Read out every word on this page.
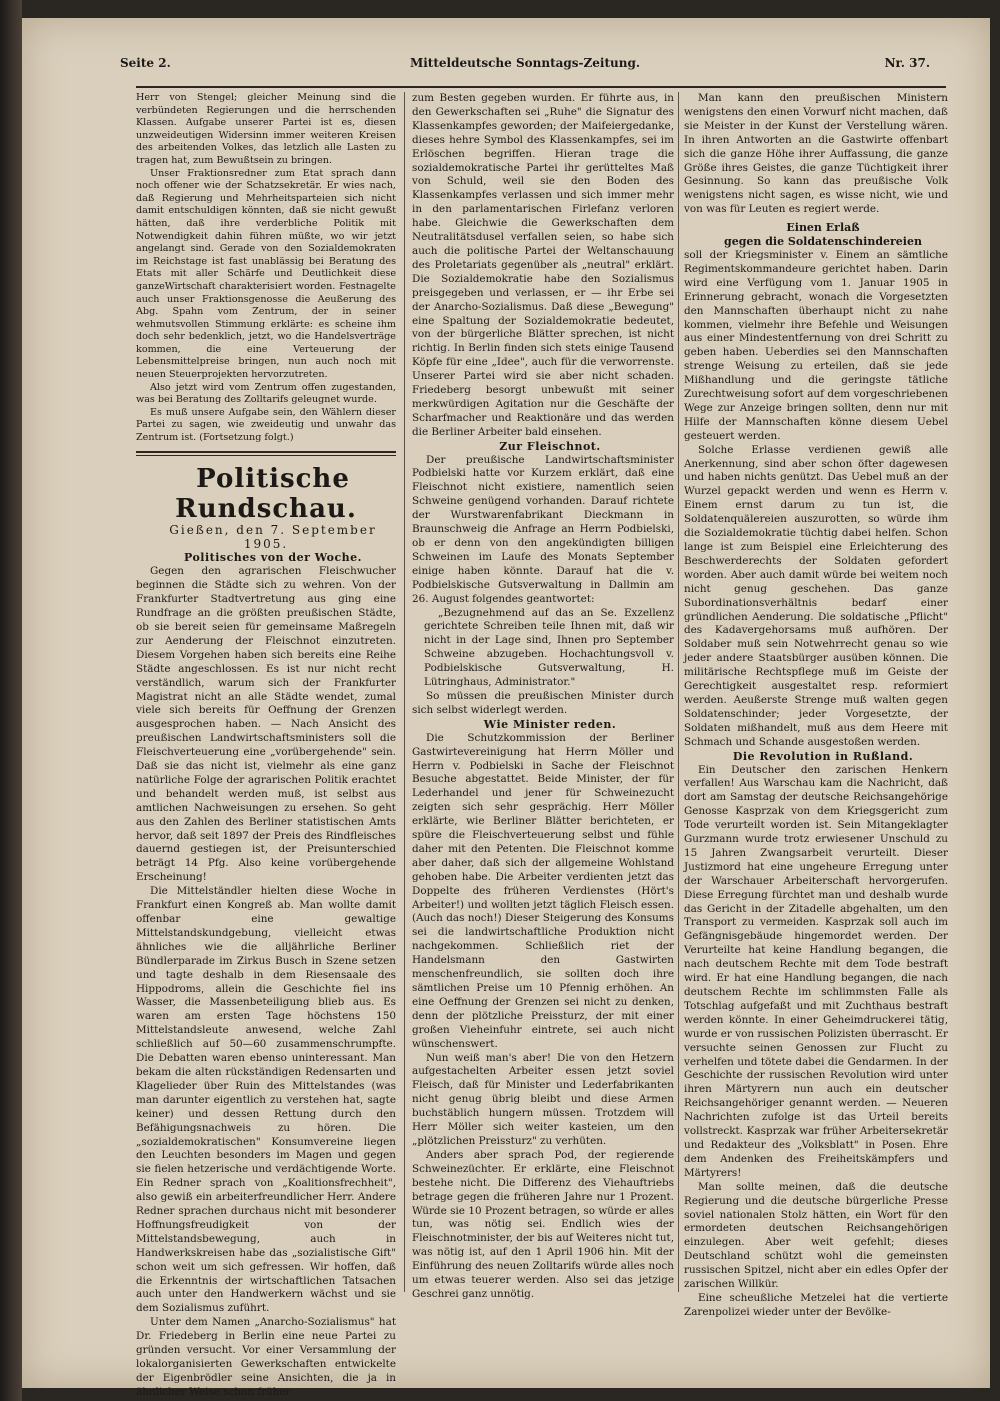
Seite 2.	Mitteldeutsche Sonntags-Zeitung.	Nr. 37.

Herr von Stengel; gleicher Meinung sind die verbündeten Regierungen und die herrschenden Klassen. Aufgabe unserer Partei ist es, diesen unzweideutigen Widersinn immer weiteren Kreisen des arbeitenden Volkes, das letzlich alle Lasten zu tragen hat, zum Bewußtsein zu bringen.

Unser Fraktionsredner zum Etat sprach dann noch offener wie der Schatzsekretär. Er wies nach, daß Regierung und Mehrheitsparteien sich nicht damit entschuldigen könnten, daß sie nicht gewußt hätten, daß ihre verderbliche Politik mit Notwendigkeit dahin führen müßte, wo wir jetzt angelangt sind. Gerade von den Sozialdemokraten im Reichstage ist fast unablässig bei Beratung des Etats mit aller Schärfe und Deutlichkeit diese ganzeWirtschaft charakterisiert worden. Festnagelte auch unser Fraktionsgenosse die Aeußerung des Abg. Spahn vom Zentrum, der in seiner wehmutsvollen Stimmung erklärte: es scheine ihm doch sehr bedenklich, jetzt, wo die Handelsverträge kommen, die eine Verteuerung der Lebensmittelpreise bringen, nun auch noch mit neuen Steuerprojekten hervorzutreten.

Also jetzt wird vom Zentrum offen zugestanden, was bei Beratung des Zolltarifs geleugnet wurde.

Es muß unsere Aufgabe sein, den Wählern dieser Partei zu sagen, wie zweideutig und unwahr das Zentrum ist. (Fortsetzung folgt.)

Politische Rundschau.

Gießen, den 7. September 1905.

Politisches von der Woche.

Gegen den agrarischen Fleischwucher beginnen die Städte sich zu wehren. Von der Frankfurter Stadtvertretung aus ging eine Rundfrage an die größten preußischen Städte, ob sie bereit seien für gemeinsame Maßregeln zur Aenderung der Fleischnot einzutreten. Diesem Vorgehen haben sich bereits eine Reihe Städte angeschlossen. Es ist nur nicht recht verständlich, warum sich der Frankfurter Magistrat nicht an alle Städte wendet, zumal viele sich bereits für Oeffnung der Grenzen ausgesprochen haben. — Nach Ansicht des preußischen Landwirtschaftsministers soll die Fleischverteuerung eine „vorübergehende" sein. Daß sie das nicht ist, vielmehr als eine ganz natürliche Folge der agrarischen Politik erachtet und behandelt werden muß, ist selbst aus amtlichen Nachweisungen zu ersehen. So geht aus den Zahlen des Berliner statistischen Amts hervor, daß seit 1897 der Preis des Rindfleisches dauernd gestiegen ist, der Preisunterschied beträgt 14 Pfg. Also keine vorübergehende Erscheinung!

Die Mittelständler hielten diese Woche in Frankfurt einen Kongreß ab. Man wollte damit offenbar eine gewaltige Mittelstandskundgebung, vielleicht etwas ähnliches wie die alljährliche Berliner Bündlerparade im Zirkus Busch in Szene setzen und tagte deshalb in dem Riesensaale des Hippodroms, allein die Geschichte fiel ins Wasser, die Massenbeteiligung blieb aus. Es waren am ersten Tage höchstens 150 Mittelstandsleute anwesend, welche Zahl schließlich auf 50—60 zusammenschrumpfte. Die Debatten waren ebenso uninteressant. Man bekam die alten rückständigen Redensarten und Klagelieder über Ruin des Mittelstandes (was man darunter eigentlich zu verstehen hat, sagte keiner) und dessen Rettung durch den Befähigungsnachweis zu hören. Die „sozialdemokratischen" Konsumvereine liegen den Leuchten besonders im Magen und gegen sie fielen hetzerische und verdächtigende Worte. Ein Redner sprach von „Koalitionsfrechheit", also gewiß ein arbeiterfreundlicher Herr. Andere Redner sprachen durchaus nicht mit besonderer Hoffnungsfreudigkeit von der Mittelstandsbewegung, auch in Handwerkskreisen habe das „sozialistische Gift" schon weit um sich gefressen. Wir hoffen, daß die Erkenntnis der wirtschaftlichen Tatsachen auch unter den Handwerkern wächst und sie dem Sozialismus zuführt.

Unter dem Namen „Anarcho-Sozialismus" hat Dr. Friedeberg in Berlin eine neue Partei zu gründen versucht. Vor einer Versammlung der lokalorganisierten Gewerkschaften entwickelte der Eigenbrödler seine Ansichten, die ja in ähnlicher Weise schon früher

zum Besten gegeben wurden. Er führte aus, in den Gewerkschaften sei „Ruhe" die Signatur des Klassenkampfes geworden; der Maifeiergedanke, dieses hehre Symbol des Klassenkampfes, sei im Erlöschen begriffen. Hieran trage die sozialdemokratische Partei ihr gerütteltes Maß von Schuld, weil sie den Boden des Klassenkampfes verlassen und sich immer mehr in den parlamentarischen Firlefanz verloren habe. Gleichwie die Gewerkschaften dem Neutralitätsdusel verfallen seien, so habe sich auch die politische Partei der Weltanschauung des Proletariats gegenüber als „neutral" erklärt. Die Sozialdemokratie habe den Sozialismus preisgegeben und verlassen, er — ihr Erbe sei der Anarcho-Sozialismus. Daß diese „Bewegung" eine Spaltung der Sozialdemokratie bedeutet, von der bürgerliche Blätter sprechen, ist nicht richtig. In Berlin finden sich stets einige Tausend Köpfe für eine „Idee", auch für die verworrenste. Unserer Partei wird sie aber nicht schaden. Friedeberg besorgt unbewußt mit seiner merkwürdigen Agitation nur die Geschäfte der Scharfmacher und Reaktionäre und das werden die Berliner Arbeiter bald einsehen.

Zur Fleischnot.

Der preußische Landwirtschaftsminister Podbielski hatte vor Kurzem erklärt, daß eine Fleischnot nicht existiere, namentlich seien Schweine genügend vorhanden. Darauf richtete der Wurstwarenfabrikant Dieckmann in Braunschweig die Anfrage an Herrn Podbielski, ob er denn von den angekündigten billigen Schweinen im Laufe des Monats September einige haben könnte. Darauf hat die v. Podbielskische Gutsverwaltung in Dallmin am 26. August folgendes geantwortet:

„Bezugnehmend auf das an Se. Exzellenz gerichtete Schreiben teile Ihnen mit, daß wir nicht in der Lage sind, Ihnen pro September Schweine abzugeben. Hochachtungsvoll v. Podbielskische Gutsverwaltung, H. Lütringhaus, Administrator."

So müssen die preußischen Minister durch sich selbst widerlegt werden.

Wie Minister reden.

Die Schutzkommission der Berliner Gastwirtevereinigung hat Herrn Möller und Herrn v. Podbielski in Sache der Fleischnot Besuche abgestattet. Beide Minister, der für Lederhandel und jener für Schweinezucht zeigten sich sehr gesprächig. Herr Möller erklärte, wie Berliner Blätter berichteten, er spüre die Fleischverteuerung selbst und fühle daher mit den Petenten. Die Fleischnot komme aber daher, daß sich der allgemeine Wohlstand gehoben habe. Die Arbeiter verdienten jetzt das Doppelte des früheren Verdienstes (Hört's Arbeiter!) und wollten jetzt täglich Fleisch essen. (Auch das noch!) Dieser Steigerung des Konsums sei die landwirtschaftliche Produktion nicht nachgekommen. Schließlich riet der Handelsmann den Gastwirten menschenfreundlich, sie sollten doch ihre sämtlichen Preise um 10 Pfennig erhöhen. An eine Oeffnung der Grenzen sei nicht zu denken, denn der plötzliche Preissturz, der mit einer großen Vieheinfuhr eintrete, sei auch nicht wünschenswert.

Nun weiß man's aber! Die von den Hetzern aufgestachelten Arbeiter essen jetzt soviel Fleisch, daß für Minister und Lederfabrikanten nicht genug übrig bleibt und diese Armen buchstäblich hungern müssen. Trotzdem will Herr Möller sich weiter kasteien, um den „plötzlichen Preissturz" zu verhüten.

Anders aber sprach Pod, der regierende Schweinezüchter. Er erklärte, eine Fleischnot bestehe nicht. Die Differenz des Viehauftriebs betrage gegen die früheren Jahre nur 1 Prozent. Würde sie 10 Prozent betragen, so würde er alles tun, was nötig sei. Endlich wies der Fleischnotminister, der bis auf Weiteres nicht tut, was nötig ist, auf den 1 April 1906 hin. Mit der Einführung des neuen Zolltarifs würde alles noch um etwas teuerer werden. Also sei das jetzige Geschrei ganz unnötig.

Man kann den preußischen Ministern wenigstens den einen Vorwurf nicht machen, daß sie Meister in der Kunst der Verstellung wären. In ihren Antworten an die Gastwirte offenbart sich die ganze Höhe ihrer Auffassung, die ganze Größe ihres Geistes, die ganze Tüchtigkeit ihrer Gesinnung. So kann das preußische Volk wenigstens nicht sagen, es wisse nicht, wie und von was für Leuten es regiert werde.

Einen Erlaß

gegen die Soldatenschindereien

soll der Kriegsminister v. Einem an sämtliche Regimentskommandeure gerichtet haben. Darin wird eine Verfügung vom 1. Januar 1905 in Erinnerung gebracht, wonach die Vorgesetzten den Mannschaften überhaupt nicht zu nahe kommen, vielmehr ihre Befehle und Weisungen aus einer Mindestentfernung von drei Schritt zu geben haben. Ueberdies sei den Mannschaften strenge Weisung zu erteilen, daß sie jede Mißhandlung und die geringste tätliche Zurechtweisung sofort auf dem vorgeschriebenen Wege zur Anzeige bringen sollten, denn nur mit Hilfe der Mannschaften könne diesem Uebel gesteuert werden.

Solche Erlasse verdienen gewiß alle Anerkennung, sind aber schon öfter dagewesen und haben nichts genützt. Das Uebel muß an der Wurzel gepackt werden und wenn es Herrn v. Einem ernst darum zu tun ist, die Soldatenquälereien auszurotten, so würde ihm die Sozialdemokratie tüchtig dabei helfen. Schon lange ist zum Beispiel eine Erleichterung des Beschwerderechts der Soldaten gefordert worden. Aber auch damit würde bei weitem noch nicht genug geschehen. Das ganze Subordinationsverhältnis bedarf einer gründlichen Aenderung. Die soldatische „Pflicht" des Kadavergehorsams muß aufhören. Der Soldaber muß sein Notwehrrecht genau so wie jeder andere Staatsbürger ausüben können. Die militärische Rechtspflege muß im Geiste der Gerechtigkeit ausgestaltet resp. reformiert werden. Aeußerste Strenge muß walten gegen Soldatenschinder; jeder Vorgesetzte, der Soldaten mißhandelt, muß aus dem Heere mit Schmach und Schande ausgestoßen werden.

Die Revolution in Rußland.

Ein Deutscher den zarischen Henkern verfallen! Aus Warschau kam die Nachricht, daß dort am Samstag der deutsche Reichsangehörige Genosse Kasprzak von dem Kriegsgericht zum Tode verurteilt worden ist. Sein Mitangeklagter Gurzmann wurde trotz erwiesener Unschuld zu 15 Jahren Zwangsarbeit verurteilt. Dieser Justizmord hat eine ungeheure Erregung unter der Warschauer Arbeiterschaft hervorgerufen. Diese Erregung fürchtet man und deshalb wurde das Gericht in der Zitadelle abgehalten, um den Transport zu vermeiden. Kasprzak soll auch im Gefängnisgebäude hingemordet werden. Der Verurteilte hat keine Handlung begangen, die nach deutschem Rechte mit dem Tode bestraft wird. Er hat eine Handlung begangen, die nach deutschem Rechte im schlimmsten Falle als Totschlag aufgefaßt und mit Zuchthaus bestraft werden könnte. In einer Geheimdruckerei tätig, wurde er von russischen Polizisten überrascht. Er versuchte seinen Genossen zur Flucht zu verhelfen und tötete dabei die Gendarmen. In der Geschichte der russischen Revolution wird unter ihren Märtyrern nun auch ein deutscher Reichsangehöriger genannt werden. — Neueren Nachrichten zufolge ist das Urteil bereits vollstreckt. Kasprzak war früher Arbeitersekretär und Redakteur des „Volksblatt" in Posen. Ehre dem Andenken des Freiheitskämpfers und Märtyrers!

Man sollte meinen, daß die deutsche Regierung und die deutsche bürgerliche Presse soviel nationalen Stolz hätten, ein Wort für den ermordeten deutschen Reichsangehörigen einzulegen. Aber weit gefehlt; dieses Deutschland schützt wohl die gemeinsten russischen Spitzel, nicht aber ein edles Opfer der zarischen Willkür.

Eine scheußliche Metzelei hat die vertierte Zarenpolizei wieder unter der Bevölke-
